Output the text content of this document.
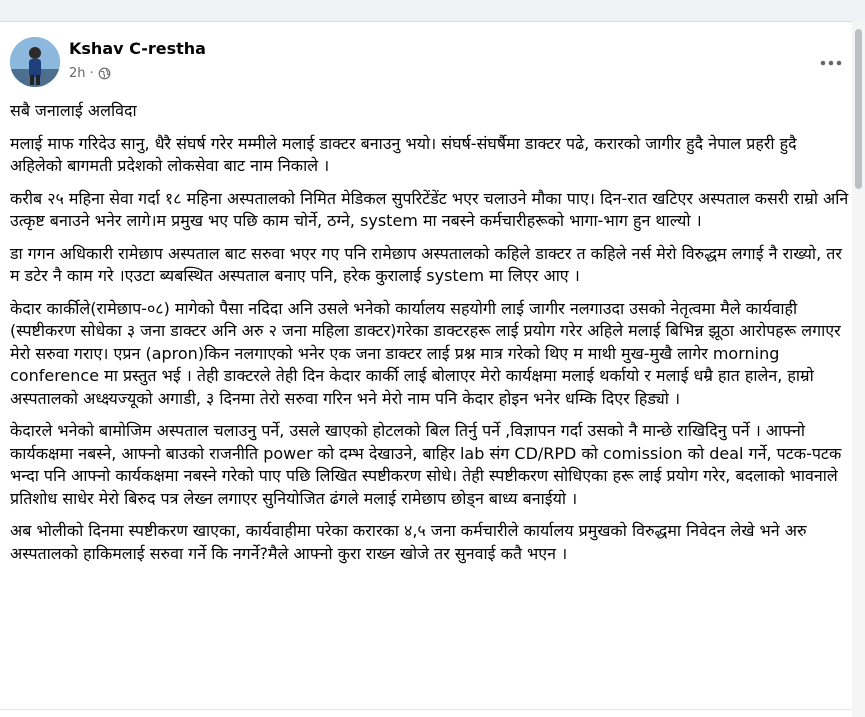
Kshav C-restha
2h ·

सबै जनालाई अलविदा

मलाई माफ गरिदेउ सानु, धैरै संघर्ष गरेर मम्मीले मलाई डाक्टर बनाउनु भयो। संघर्ष-संघर्षैमा डाक्टर पढे, करारको जागीर हुदै नेपाल प्रहरी हुदै अहिलेको बागमती प्रदेशको लोकसेवा बाट नाम निकाले ।

करीब २५ महिना सेवा गर्दा १८ महिना अस्पतालको निमित मेडिकल सुपरिटेंडेंट भएर चलाउने मौका पाए। दिन-रात खटिएर अस्पताल कसरी राम्रो अनि उत्कृष्ट बनाउने भनेर लागे।म प्रमुख भए पछि काम चोर्ने, ठग्ने, system मा नबस्ने कर्मचारीहरूको भागा-भाग हुन थाल्यो ।

डा गगन अधिकारी रामेछाप अस्पताल बाट सरुवा भएर गए पनि रामेछाप अस्पतालको कहिले डाक्टर त कहिले नर्स मेरो विरुद्धम लगाई नै राख्यो, तर म डटेर नै काम गरे ।एउटा ब्यबस्थित अस्पताल बनाए पनि, हरेक कुरालाई system मा लिएर आए ।

केदार कार्कीले(रामेछाप-०८) मागेको पैसा नदिदा अनि उसले भनेको कार्यालय सहयोगी लाई जागीर नलगाउदा उसको नेतृत्वमा मैले कार्यवाही (स्पष्टीकरण सोधेका ३ जना डाक्टर अनि अरु २ जना महिला डाक्टर)गरेका डाक्टरहरू लाई प्रयोग गरेर अहिले मलाई बिभिन्न झूठा आरोपहरू लगाएर मेरो सरुवा गराए। एप्रन (apron)किन नलगाएको भनेर एक जना डाक्टर लाई प्रश्न मात्र गरेको थिए म माथी मुख-मुखै लागेर morning conference मा प्रस्तुत भई । तेही डाक्टरले तेही दिन केदार कार्की लाई बोलाएर मेरो कार्यक्षमा मलाई थर्कायो र मलाई धम्रै हात हालेन, हाम्रो अस्पतालको अध्क्ष्यज्यूको अगाडी, ३ दिनमा तेरो सरुवा गरिन भने मेरो नाम पनि केदार होइन भनेर धम्कि दिएर हिड्यो ।

केदारले भनेको बामोजिम अस्पताल चलाउनु पर्ने, उसले खाएको होटलको बिल तिर्नु पर्ने ,विज्ञापन गर्दा उसको नै मान्छे राखिदिनु पर्ने । आफ्नो कार्यकक्षमा नबस्ने, आफ्नो बाउको राजनीति power को दम्भ देखाउने, बाहिर lab संग CD/RPD को comission को deal गर्ने, पटक-पटक भन्दा पनि आफ्नो कार्यकक्षमा नबस्ने गरेको पाए पछि लिखित स्पष्टीकरण सोधे। तेही स्पष्टीकरण सोधिएका हरू लाई प्रयोग गरेर, बदलाको भावनाले प्रतिशोध साधेर मेरो बिरुद पत्र लेख्न लगाएर सुनियोजित ढंगले मलाई रामेछाप छोड्न बाध्य बनाईयो ।

अब भोलीको दिनमा स्पष्टीकरण खाएका, कार्यवाहीमा परेका करारका ४,५ जना कर्मचारीले कार्यालय प्रमुखको विरुद्धमा निवेदन लेखे भने अरु अस्पतालको हाकिमलाई सरुवा गर्ने कि नगर्ने?मैले आफ्नो कुरा राख्न खोजे तर सुनवाई कतै भएन ।
